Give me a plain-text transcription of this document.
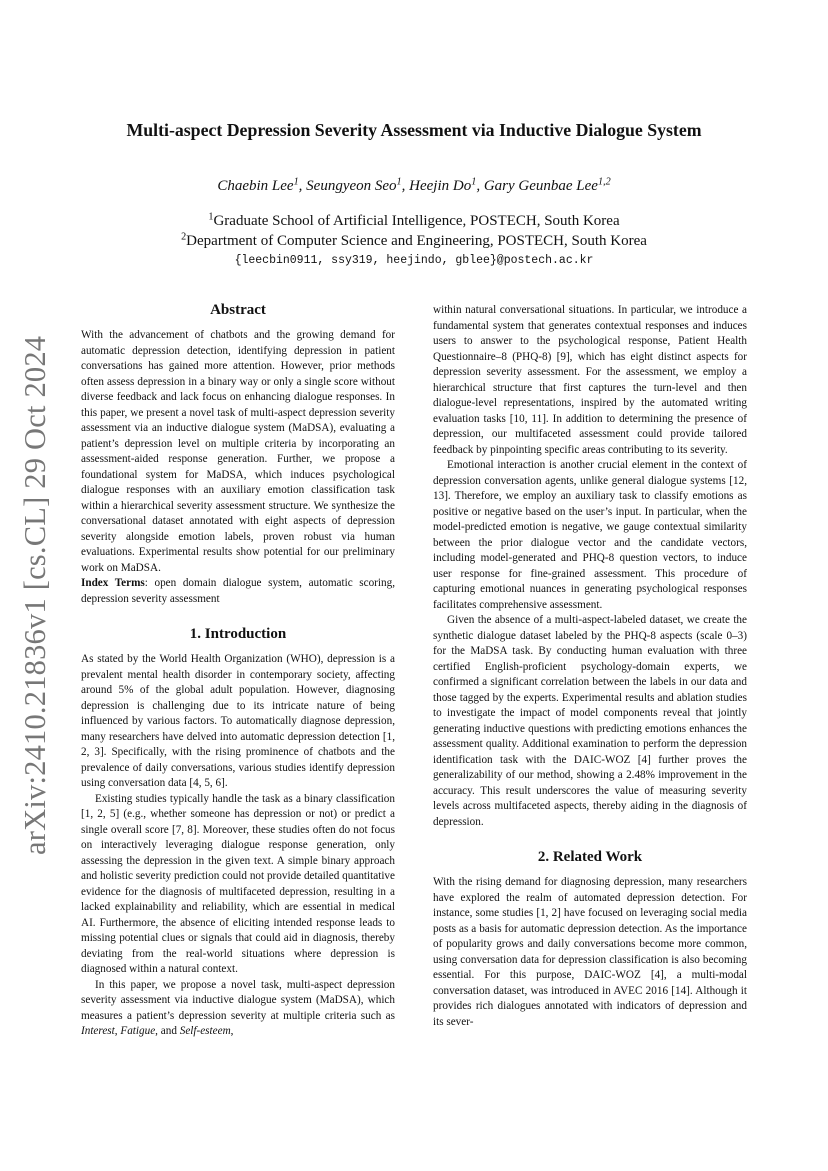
arXiv:2410.21836v1 [cs.CL] 29 Oct 2024
Multi-aspect Depression Severity Assessment via Inductive Dialogue System
Chaebin Lee$^1$, Seungyeon Seo$^1$, Heejin Do$^1$, Gary Geunbae Lee$^{1,2}$
$^1$Graduate School of Artificial Intelligence, POSTECH, South Korea
$^2$Department of Computer Science and Engineering, POSTECH, South Korea
{leecbin0911, ssy319, heejindo, gblee}@postech.ac.kr
Abstract

With the advancement of chatbots and the growing demand for automatic depression detection, identifying depression in patient conversations has gained more attention. However, prior methods often assess depression in a binary way or only a single score without diverse feedback and lack focus on enhancing dialogue responses. In this paper, we present a novel task of multi-aspect depression severity assessment via an inductive dialogue system (MaDSA), evaluating a patient’s depression level on multiple criteria by incorporating an assessment-aided response generation. Further, we propose a foundational system for MaDSA, which induces psychological dialogue responses with an auxiliary emotion classification task within a hierarchical severity assessment structure. We synthesize the conversational dataset annotated with eight aspects of depression severity alongside emotion labels, proven robust via human evaluations. Experimental results show potential for our preliminary work on MaDSA.

Index Terms: open domain dialogue system, automatic scoring, depression severity assessment

1. Introduction

As stated by the World Health Organization (WHO), depression is a prevalent mental health disorder in contemporary society, affecting around 5% of the global adult population. However, diagnosing depression is challenging due to its intricate nature of being influenced by various factors. To automatically diagnose depression, many researchers have delved into automatic depression detection [1, 2, 3]. Specifically, with the rising prominence of chatbots and the prevalence of daily conversations, various studies identify depression using conversation data [4, 5, 6].

Existing studies typically handle the task as a binary classification [1, 2, 5] (e.g., whether someone has depression or not) or predict a single overall score [7, 8]. Moreover, these studies often do not focus on interactively leveraging dialogue response generation, only assessing the depression in the given text. A simple binary approach and holistic severity prediction could not provide detailed quantitative evidence for the diagnosis of multifaceted depression, resulting in a lacked explainability and reliability, which are essential in medical AI. Furthermore, the absence of eliciting intended response leads to missing potential clues or signals that could aid in diagnosis, thereby deviating from the real-world situations where depression is diagnosed within a natural context.

In this paper, we propose a novel task, multi-aspect depression severity assessment via inductive dialogue system (MaDSA), which measures a patient’s depression severity at multiple criteria such as Interest, Fatigue, and Self-esteem,

within natural conversational situations. In particular, we introduce a fundamental system that generates contextual responses and induces users to answer to the psychological response, Patient Health Questionnaire–8 (PHQ-8) [9], which has eight distinct aspects for depression severity assessment. For the assessment, we employ a hierarchical structure that first captures the turn-level and then dialogue-level representations, inspired by the automated writing evaluation tasks [10, 11]. In addition to determining the presence of depression, our multifaceted assessment could provide tailored feedback by pinpointing specific areas contributing to its severity.

Emotional interaction is another crucial element in the context of depression conversation agents, unlike general dialogue systems [12, 13]. Therefore, we employ an auxiliary task to classify emotions as positive or negative based on the user’s input. In particular, when the model-predicted emotion is negative, we gauge contextual similarity between the prior dialogue vector and the candidate vectors, including model-generated and PHQ-8 question vectors, to induce user response for fine-grained assessment. This procedure of capturing emotional nuances in generating psychological responses facilitates comprehensive assessment.

Given the absence of a multi-aspect-labeled dataset, we create the synthetic dialogue dataset labeled by the PHQ-8 aspects (scale 0–3) for the MaDSA task. By conducting human evaluation with three certified English-proficient psychology-domain experts, we confirmed a significant correlation between the labels in our data and those tagged by the experts. Experimental results and ablation studies to investigate the impact of model components reveal that jointly generating inductive questions with predicting emotions enhances the assessment quality. Additional examination to perform the depression identification task with the DAIC-WOZ [4] further proves the generalizability of our method, showing a 2.48% improvement in the accuracy. This result underscores the value of measuring severity levels across multifaceted aspects, thereby aiding in the diagnosis of depression.

2. Related Work

With the rising demand for diagnosing depression, many researchers have explored the realm of automated depression detection. For instance, some studies [1, 2] have focused on leveraging social media posts as a basis for automatic depression detection. As the importance of popularity grows and daily conversations become more common, using conversation data for depression classification is also becoming essential. For this purpose, DAIC-WOZ [4], a multi-modal conversation dataset, was introduced in AVEC 2016 [14]. Although it provides rich dialogues annotated with indicators of depression and its sever-
